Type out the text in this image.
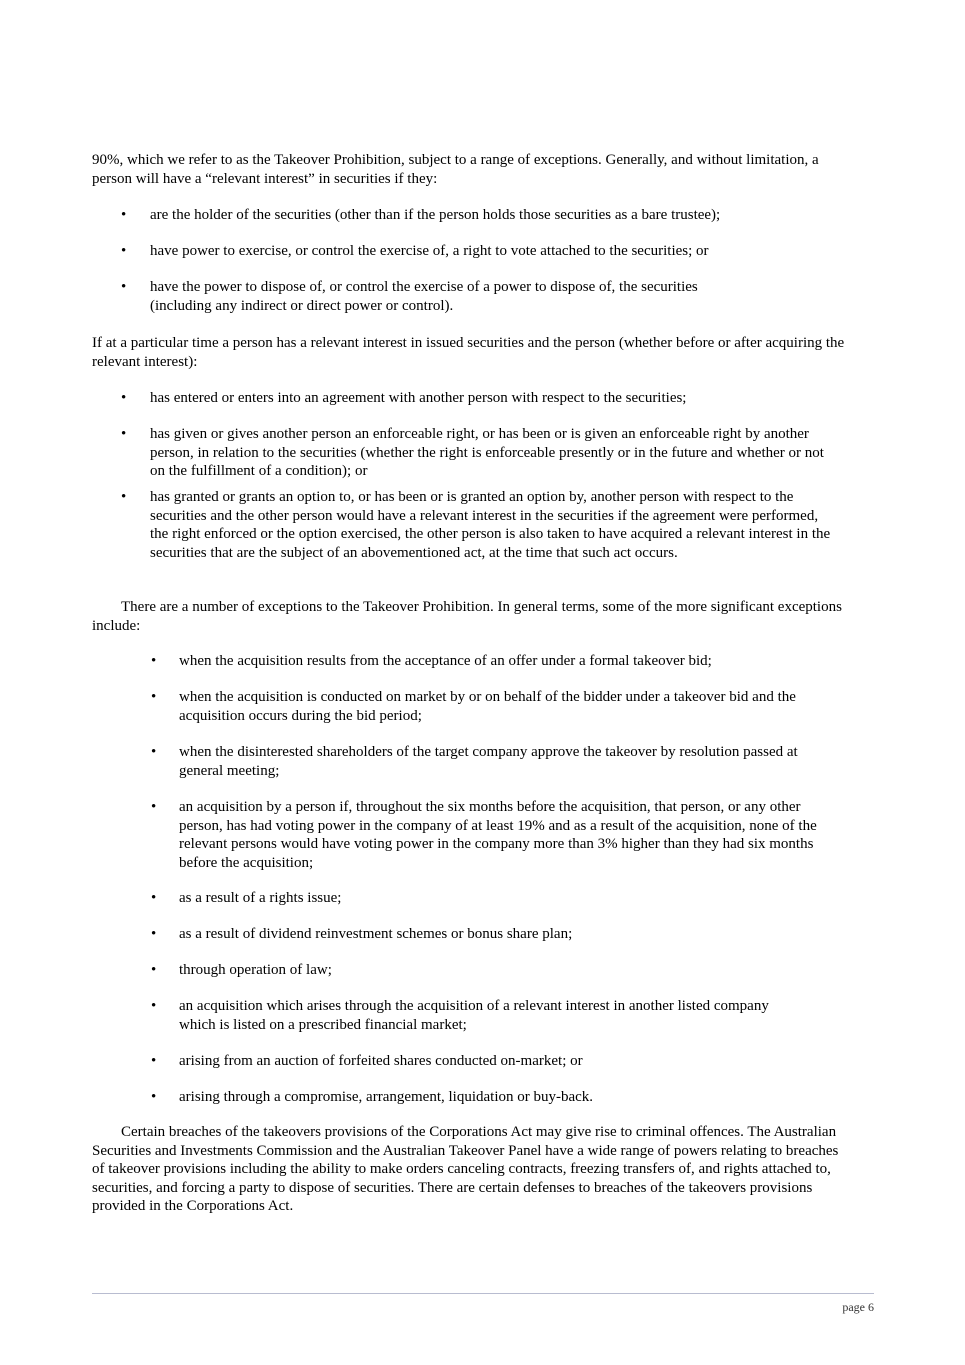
90%, which we refer to as the Takeover Prohibition, subject to a range of exceptions. Generally, and without limitation, a person will have a “relevant interest” in securities if they:

• are the holder of the securities (other than if the person holds those securities as a bare trustee);

• have power to exercise, or control the exercise of, a right to vote attached to the securities; or

• have the power to dispose of, or control the exercise of a power to dispose of, the securities (including any indirect or direct power or control).

If at a particular time a person has a relevant interest in issued securities and the person (whether before or after acquiring the relevant interest):

• has entered or enters into an agreement with another person with respect to the securities;

• has given or gives another person an enforceable right, or has been or is given an enforceable right by another person, in relation to the securities (whether the right is enforceable presently or in the future and whether or not on the fulfillment of a condition); or

• has granted or grants an option to, or has been or is granted an option by, another person with respect to the securities and the other person would have a relevant interest in the securities if the agreement were performed, the right enforced or the option exercised, the other person is also taken to have acquired a relevant interest in the securities that are the subject of an abovementioned act, at the time that such act occurs.

There are a number of exceptions to the Takeover Prohibition. In general terms, some of the more significant exceptions include:

• when the acquisition results from the acceptance of an offer under a formal takeover bid;

• when the acquisition is conducted on market by or on behalf of the bidder under a takeover bid and the acquisition occurs during the bid period;

• when the disinterested shareholders of the target company approve the takeover by resolution passed at general meeting;

• an acquisition by a person if, throughout the six months before the acquisition, that person, or any other person, has had voting power in the company of at least 19% and as a result of the acquisition, none of the relevant persons would have voting power in the company more than 3% higher than they had six months before the acquisition;

• as a result of a rights issue;

• as a result of dividend reinvestment schemes or bonus share plan;

• through operation of law;

• an acquisition which arises through the acquisition of a relevant interest in another listed company which is listed on a prescribed financial market;

• arising from an auction of forfeited shares conducted on-market; or

• arising through a compromise, arrangement, liquidation or buy-back.

Certain breaches of the takeovers provisions of the Corporations Act may give rise to criminal offences. The Australian Securities and Investments Commission and the Australian Takeover Panel have a wide range of powers relating to breaches of takeover provisions including the ability to make orders canceling contracts, freezing transfers of, and rights attached to, securities, and forcing a party to dispose of securities. There are certain defenses to breaches of the takeovers provisions provided in the Corporations Act.

page 6
